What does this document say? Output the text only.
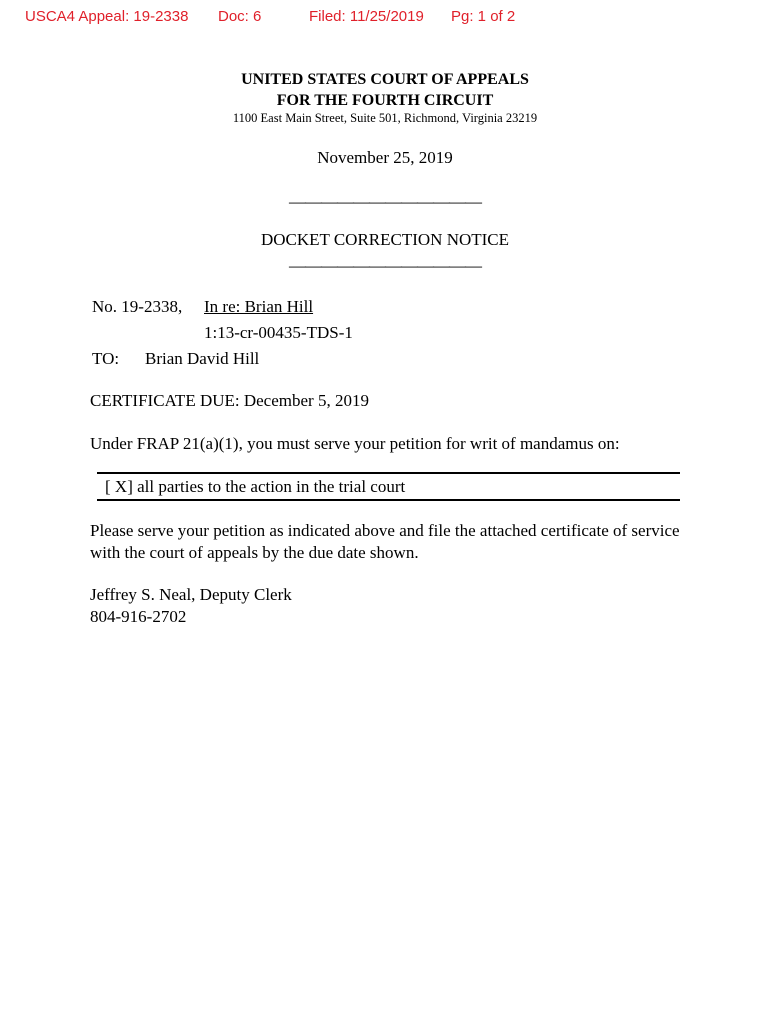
USCA4 Appeal: 19-2338 Doc: 6	Filed: 11/25/2019 Pg: 1 of 2
UNITED STATES COURT OF APPEALS
FOR THE FOURTH CIRCUIT
1100 East Main Street, Suite 501, Richmond, Virginia 23219
November 25, 2019
————————————
DOCKET CORRECTION NOTICE
————————————
No. 19-2338, In re: Brian Hill
1:13-cr-00435-TDS-1
TO: Brian David Hill
CERTIFICATE DUE: December 5, 2019
Under FRAP 21(a)(1), you must serve your petition for writ of mandamus on:
[ X] all parties to the action in the trial court
Please serve your petition as indicated above and file the attached certificate of service with the court of appeals by the due date shown.
Jeffrey S. Neal, Deputy Clerk
804-916-2702
